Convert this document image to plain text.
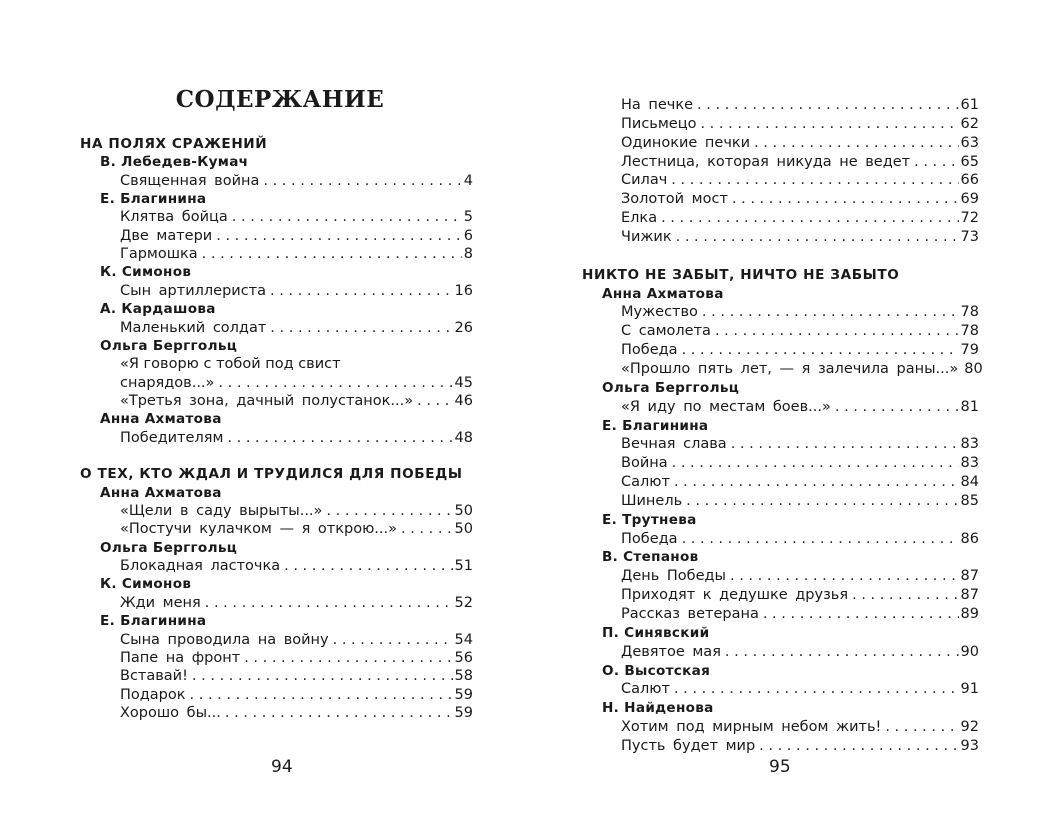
СОДЕРЖАНИЕ
НА ПОЛЯХ СРАЖЕНИЙ
В. Лебедев-Кумач
Священная война . . .	4
Е. Благинина
Клятва бойца . . .	5
Две матери . . .	6
Гармошка . . .	8
К. Симонов
Сын артиллериста . . .	16
А. Кардашова
Маленький солдат . . .	26
Ольга Берггольц
«Я говорю с тобой под свист
снарядов...» . . .	45
«Третья зона, дачный полустанок...» . . .	46
Анна Ахматова
Победителям . . .	48
О ТЕХ, КТО ЖДАЛ И ТРУДИЛСЯ ДЛЯ ПОБЕДЫ
Анна Ахматова
«Щели в саду вырыты...» . . .	50
«Постучи кулачком — я открою...» . . .	50
Ольга Берггольц
Блокадная ласточка . . .	51
К. Симонов
Жди меня . . .	52
Е. Благинина
Сына проводила на войну . . .	54
Папе на фронт . . .	56
Вставай! . . .	58
Подарок . . .	59
Хорошо бы... . . .	59
94
На печке . . .	61
Письмецо . . .	62
Одинокие печки . . .	63
Лестница, которая никуда не ведет . . .	65
Силач . . .	66
Золотой мост . . .	69
Елка . . .	72
Чижик . . .	73
НИКТО НЕ ЗАБЫТ, НИЧТО НЕ ЗАБЫТО
Анна Ахматова
Мужество . . .	78
С самолета . . .	78
Победа . . .	79
«Прошло пять лет, — я залечила раны...» 80
Ольга Берггольц
«Я иду по местам боев...» . . .	81
Е. Благинина
Вечная слава . . .	83
Война . . .	83
Салют . . .	84
Шинель . . .	85
Е. Трутнева
Победа . . .	86
В. Степанов
День Победы . . .	87
Приходят к дедушке друзья . . .	87
Рассказ ветерана . . .	89
П. Синявский
Девятое мая . . .	90
О. Высотская
Салют . . .	91
Н. Найденова
Хотим под мирным небом жить! . . .	92
Пусть будет мир . . .	93
95
